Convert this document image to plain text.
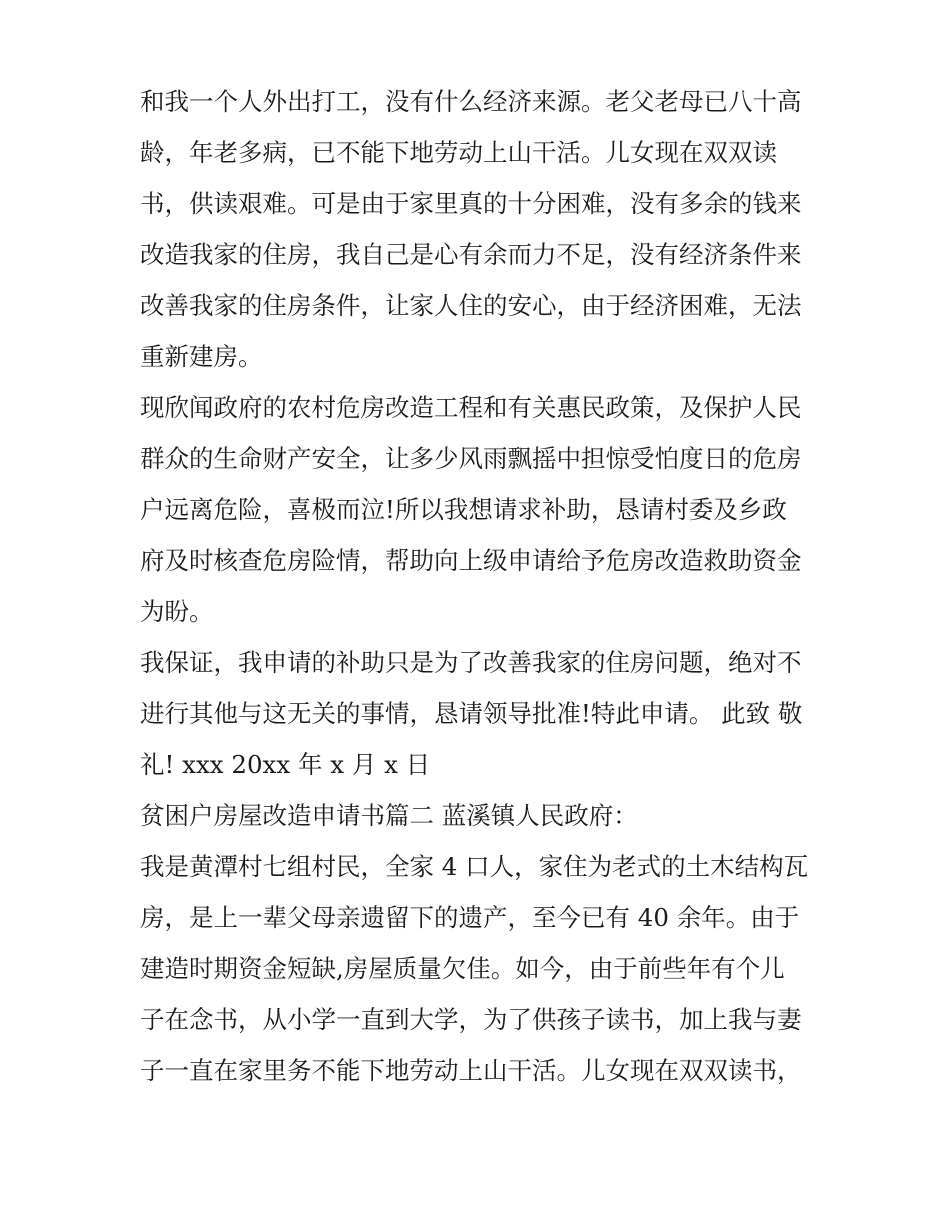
和我一个人外出打工，没有什么经济来源。老父老母已八十高
龄，年老多病，已不能下地劳动上山干活。儿女现在双双读
书，供读艰难。可是由于家里真的十分困难，没有多余的钱来
改造我家的住房，我自己是心有余而力不足，没有经济条件来
改善我家的住房条件，让家人住的安心，由于经济困难，无法
重新建房。
现欣闻政府的农村危房改造工程和有关惠民政策，及保护人民
群众的生命财产安全，让多少风雨飘摇中担惊受怕度日的危房
户远离危险，喜极而泣!所以我想请求补助，恳请村委及乡政
府及时核查危房险情，帮助向上级申请给予危房改造救助资金
为盼。
我保证，我申请的补助只是为了改善我家的住房问题，绝对不
进行其他与这无关的事情，恳请领导批准!特此申请。 此致 敬
礼! xxx 20xx 年 x 月 x 日
贫困户房屋改造申请书篇二 蓝溪镇人民政府：
我是黄潭村七组村民，全家 4 口人，家住为老式的土木结构瓦
房，是上一辈父母亲遗留下的遗产，至今已有 40 余年。由于
建造时期资金短缺,房屋质量欠佳。如今，由于前些年有个儿
子在念书，从小学一直到大学，为了供孩子读书，加上我与妻
子一直在家里务不能下地劳动上山干活。儿女现在双双读书，
